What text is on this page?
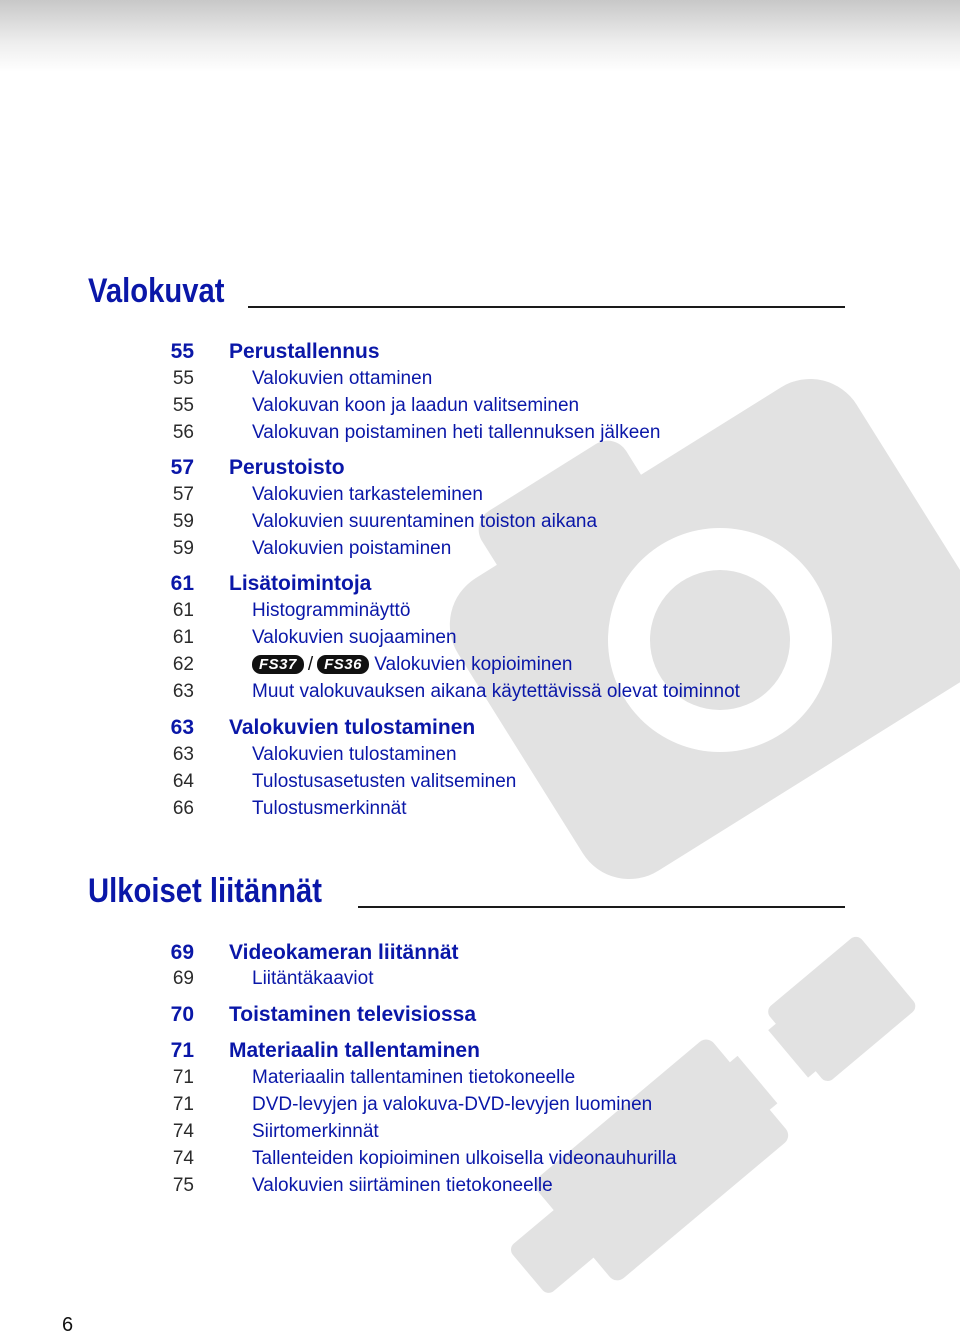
Valokuvat
55 Perustallennus
55	Valokuvien ottaminen
55	Valokuvan koon ja laadun valitseminen
56	Valokuvan poistaminen heti tallennuksen jälkeen
57 Perustoisto
57	Valokuvien tarkasteleminen
59	Valokuvien suurentaminen toiston aikana
59	Valokuvien poistaminen
61 Lisätoimintoja
61	Histogramminäyttö
61	Valokuvien suojaaminen
62	FS37 / FS36 Valokuvien kopioiminen
63	Muut valokuvauksen aikana käytettävissä olevat toiminnot
63 Valokuvien tulostaminen
63	Valokuvien tulostaminen
64	Tulostusasetusten valitseminen
66	Tulostusmerkinnät
Ulkoiset liitännät
69 Videokameran liitännät
69	Liitäntäkaaviot
70 Toistaminen televisiossa
71 Materiaalin tallentaminen
71	Materiaalin tallentaminen tietokoneelle
71	DVD-levyjen ja valokuva-DVD-levyjen luominen
74	Siirtomerkinnät
74	Tallenteiden kopioiminen ulkoisella videonauhurilla
75	Valokuvien siirtäminen tietokoneelle
6
